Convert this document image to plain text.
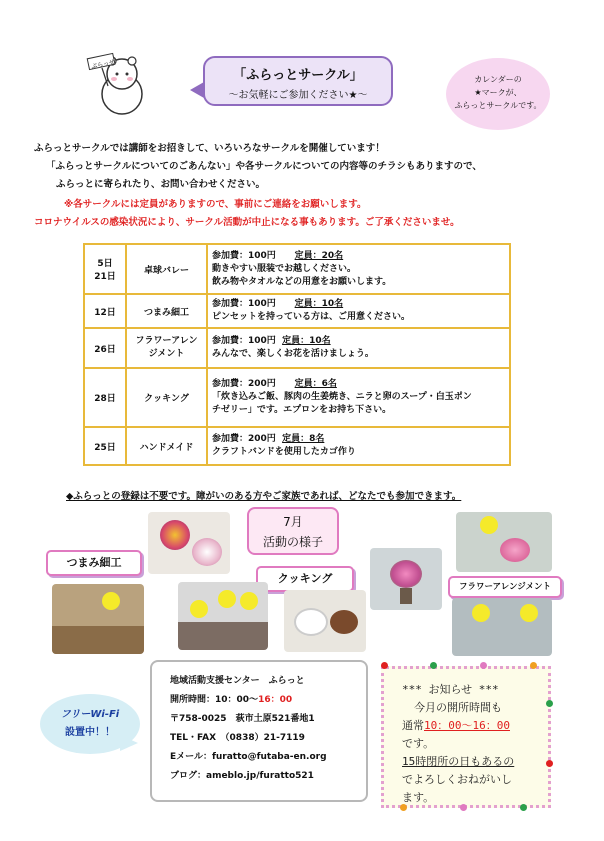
ぷらっせ
「ふらっとサークル」
～お気軽にご参加ください★～
カレンダーの
★マークが、
ふらっとサークルです。
ふらっとサークルでは講師をお招きして、いろいろなサークルを開催しています！
「ふらっとサークルについてのごあんない」や各サークルについての内容等のチラシもありますので、
ふらっとに寄られたり、お問い合わせください。
※各サークルには定員がありますので、事前にご連絡をお願いします。
コロナウイルスの感染状況により、サークル活動が中止になる事もあります。ご了承くださいませ。
5日
21日	卓球バレー	参加費：100円 定員：20名
動きやすい服装でお越しください。
飲み物やタオルなどの用意をお願いします。

12日	つまみ細工	参加費：100円 定員：10名
ピンセットを持っている方は、ご用意ください。

26日	フラワーアレン
ジメント	参加費：100円 定員：10名
みんなで、楽しくお花を活けましょう。

28日	クッキング	参加費：200円 定員：6名
「炊き込みご飯、豚肉の生姜焼き、ニラと卵のスープ・白玉ポン
チゼリー」です。エプロンをお持ち下さい。

25日	ハンドメイド	参加費：200円 定員：8名
クラフトバンドを使用したカゴ作り
◆ふらっとの登録は不要です。障がいのある方やご家族であれば、どなたでも参加できます。
7月
活動の様子
つまみ細工
クッキング
フラワーアレンジメント
フリーWi-Fi
設置中！！
地域活動支援センター　ふらっと
開所時間：10：00～16：00
〒758-0025　萩市土原521番地1
TEL・FAX　（0838）21-7119
Eメール：furatto@futaba-en.org
ブログ：ameblo.jp/furatto521
*** お知らせ ***
今月の開所時間も
通常10：00～16：00
です。
15時閉所の日もあるの
でよろしくおねがいし
ます。
